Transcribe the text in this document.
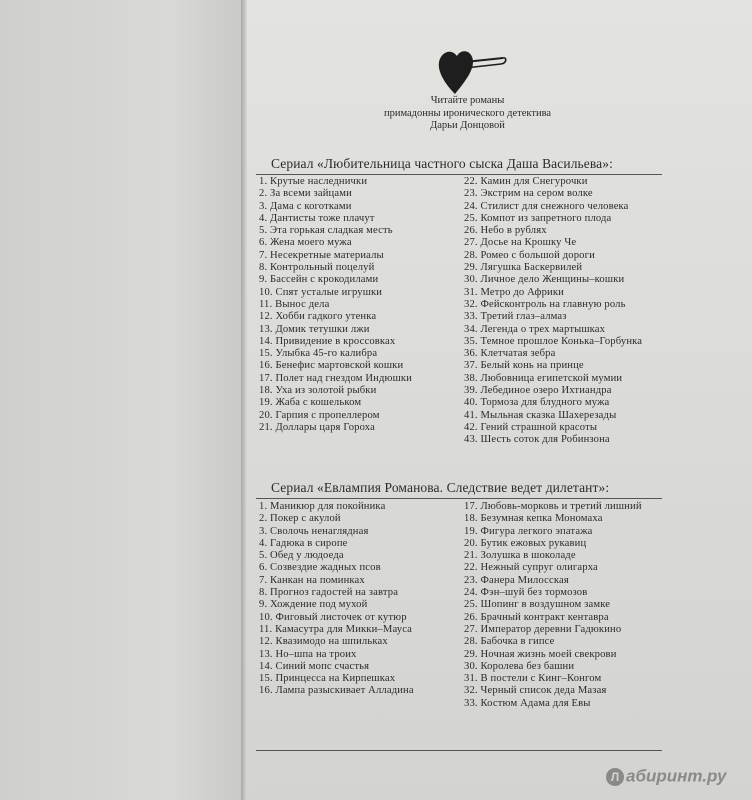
Читайте романы
примадонны иронического детектива
Дарьи Донцовой
Сериал «Любительница частного сыска Даша Васильева»:
1. Крутые наследнички
2. За всеми зайцами
3. Дама с коготками
4. Дантисты тоже плачут
5. Эта горькая сладкая месть
6. Жена моего мужа
7. Несекретные материалы
8. Контрольный поцелуй
9. Бассейн с крокодилами
10. Спят усталые игрушки
11. Вынос дела
12. Хобби гадкого утенка
13. Домик тетушки лжи
14. Привидение в кроссовках
15. Улыбка 45-го калибра
16. Бенефис мартовской кошки
17. Полет над гнездом Индюшки
18. Уха из золотой рыбки
19. Жаба с кошельком
20. Гарпия с пропеллером
21. Доллары царя Гороха
22. Камин для Снегурочки
23. Экстрим на сером волке
24. Стилист для снежного человека
25. Компот из запретного плода
26. Небо в рублях
27. Досье на Крошку Че
28. Ромео с большой дороги
29. Лягушка Баскервилей
30. Личное дело Женщины–кошки
31. Метро до Африки
32. Фейсконтроль на главную роль
33. Третий глаз–алмаз
34. Легенда о трех мартышках
35. Темное прошлое Конька–Горбунка
36. Клетчатая зебра
37. Белый конь на принце
38. Любовница египетской мумии
39. Лебединое озеро Ихтиандра
40. Тормоза для блудного мужа
41. Мыльная сказка Шахерезады
42. Гений страшной красоты
43. Шесть соток для Робинзона
Сериал «Евлампия Романова. Следствие ведет дилетант»:
1. Маникюр для покойника
2. Покер с акулой
3. Сволочь ненаглядная
4. Гадюка в сиропе
5. Обед у людоеда
6. Созвездие жадных псов
7. Канкан на поминках
8. Прогноз гадостей на завтра
9. Хождение под мухой
10. Фиговый листочек от кутюр
11. Камасутра для Микки–Мауса
12. Квазимодо на шпильках
13. Но–шпа на троих
14. Синий мопс счастья
15. Принцесса на Кирпешках
16. Лампа разыскивает Алладина
17. Любовь-морковь и третий лишний
18. Безумная кепка Мономаха
19. Фигура легкого эпатажа
20. Бутик ежовых рукавиц
21. Золушка в шоколаде
22. Нежный супруг олигарха
23. Фанера Милосская
24. Фэн–шуй без тормозов
25. Шопинг в воздушном замке
26. Брачный контракт кентавра
27. Император деревни Гадюкино
28. Бабочка в гипсе
29. Ночная жизнь моей свекрови
30. Королева без башни
31. В постели с Кинг–Конгом
32. Черный список деда Мазая
33. Костюм Адама для Евы
Л абиринт.ру
